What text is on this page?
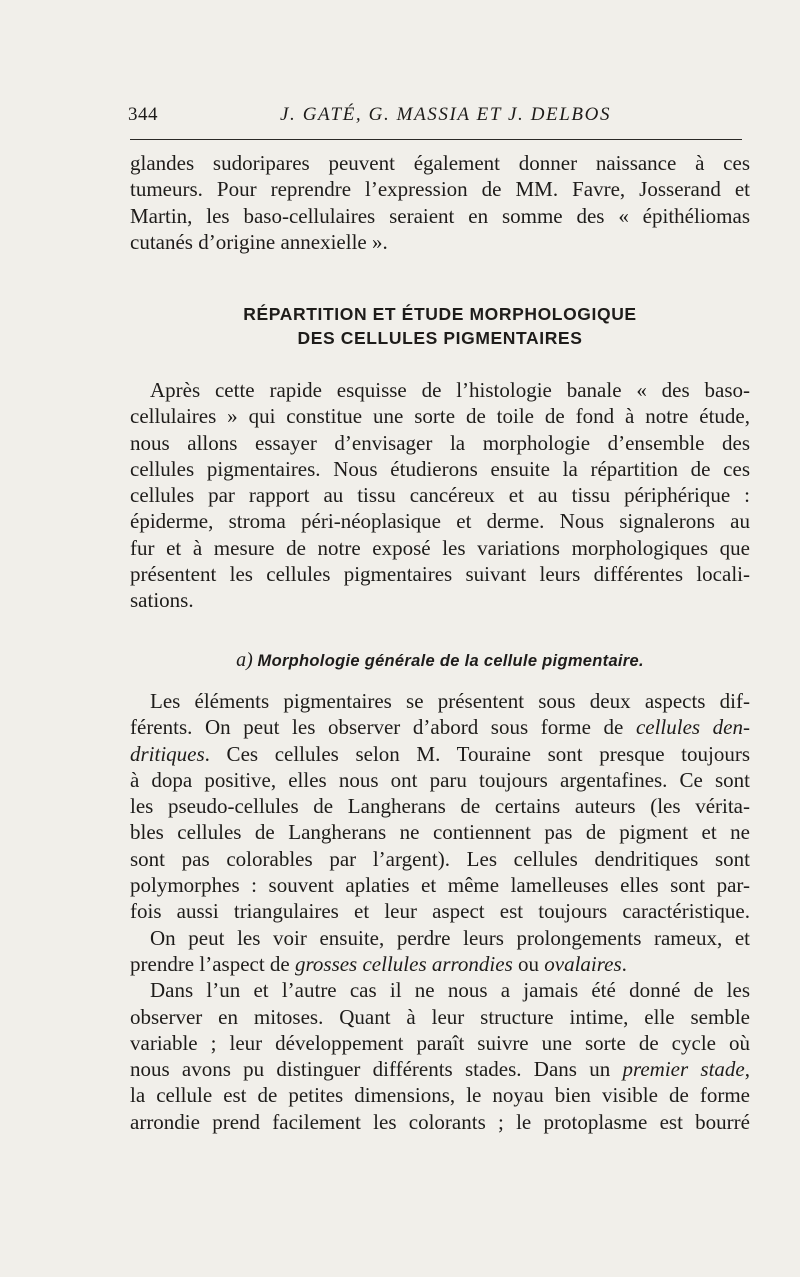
344	J. GATÉ, G. MASSIA ET J. DELBOS
glandes sudoripares peuvent également donner naissance à ces
tumeurs. Pour reprendre l’expression de MM. Favre, Josserand et
Martin, les baso-cellulaires seraient en somme des « épithéliomas
cutanés d’origine annexielle ».
RÉPARTITION ET ÉTUDE MORPHOLOGIQUE
DES CELLULES PIGMENTAIRES
Après cette rapide esquisse de l’histologie banale « des baso-
cellulaires » qui constitue une sorte de toile de fond à notre étude,
nous allons essayer d’envisager la morphologie d’ensemble des
cellules pigmentaires. Nous étudierons ensuite la répartition de ces
cellules par rapport au tissu cancéreux et au tissu périphérique :
épiderme, stroma péri-néoplasique et derme. Nous signalerons au
fur et à mesure de notre exposé les variations morphologiques que
présentent les cellules pigmentaires suivant leurs différentes locali-
sations.
a) Morphologie générale de la cellule pigmentaire.
Les éléments pigmentaires se présentent sous deux aspects dif-
férents. On peut les observer d’abord sous forme de cellules den-
dritiques. Ces cellules selon M. Touraine sont presque toujours
à dopa positive, elles nous ont paru toujours argentafines. Ce sont
les pseudo-cellules de Langherans de certains auteurs (les vérita-
bles cellules de Langherans ne contiennent pas de pigment et ne
sont pas colorables par l’argent). Les cellules dendritiques sont
polymorphes : souvent aplaties et même lamelleuses elles sont par-
fois aussi triangulaires et leur aspect est toujours caractéristique.
On peut les voir ensuite, perdre leurs prolongements rameux, et
prendre l’aspect de grosses cellules arrondies ou ovalaires.
Dans l’un et l’autre cas il ne nous a jamais été donné de les
observer en mitoses. Quant à leur structure intime, elle semble
variable ; leur développement paraît suivre une sorte de cycle où
nous avons pu distinguer différents stades. Dans un premier stade,
la cellule est de petites dimensions, le noyau bien visible de forme
arrondie prend facilement les colorants ; le protoplasme est bourré
